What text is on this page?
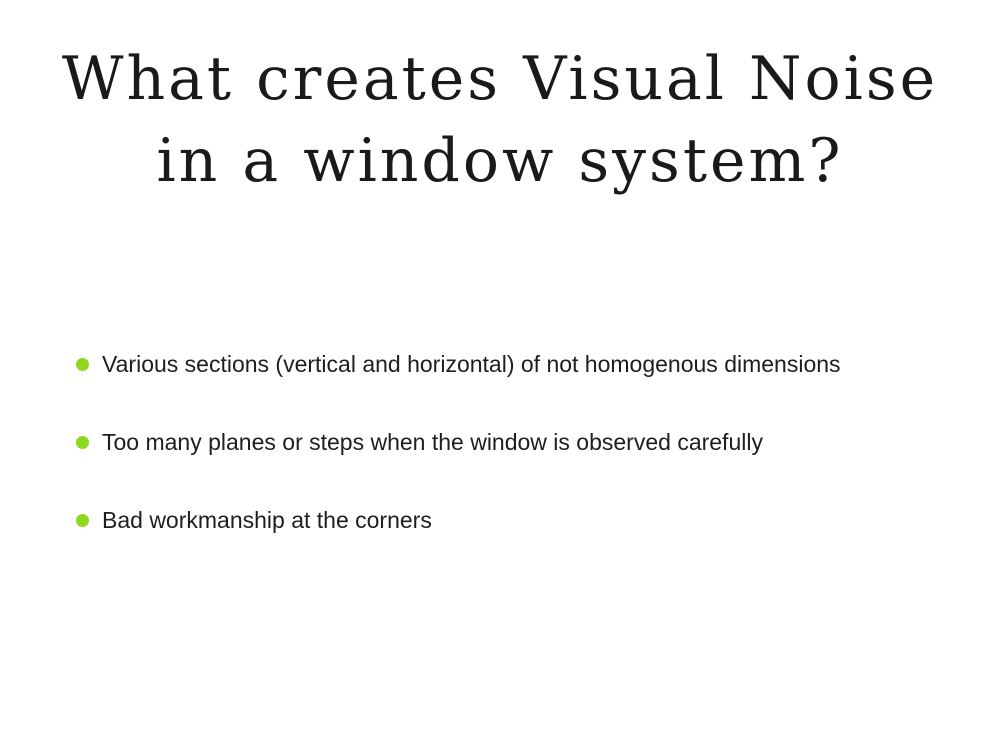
What creates Visual Noise
in a window system?
Various sections (vertical and horizontal) of not homogenous dimensions
Too many planes or steps when the window is observed carefully
Bad workmanship at the corners
